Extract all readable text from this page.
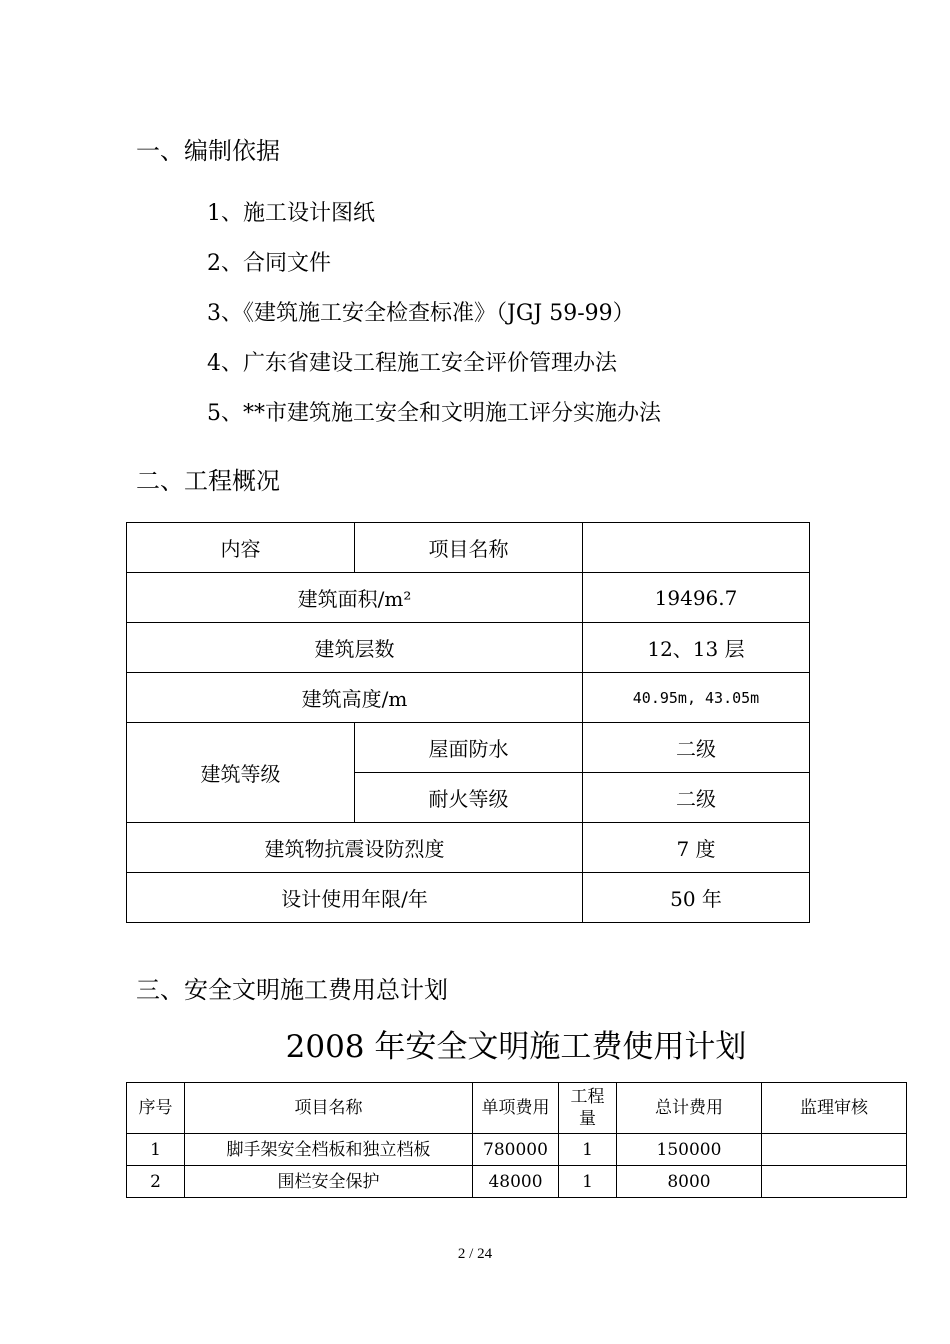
一、编制依据
1、施工设计图纸
2、合同文件
3、《建筑施工安全检查标准》（JGJ 59-99）
4、广东省建设工程施工安全评价管理办法
5、**市建筑施工安全和文明施工评分实施办法
二、工程概况
内容	项目名称	
建筑面积/m²		19496.7
建筑层数		12、13 层
建筑高度/m		40.95m, 43.05m
建筑等级	屋面防水	二级
	耐火等级	二级
建筑物抗震设防烈度		7 度
设计使用年限/年		50 年
三、安全文明施工费用总计划
2008 年安全文明施工费使用计划
序号	项目名称	单项费用	工程量	总计费用	监理审核
1	脚手架安全档板和独立档板	780000	1	150000	
2	围栏安全保护	48000	1	8000	
2 / 24
